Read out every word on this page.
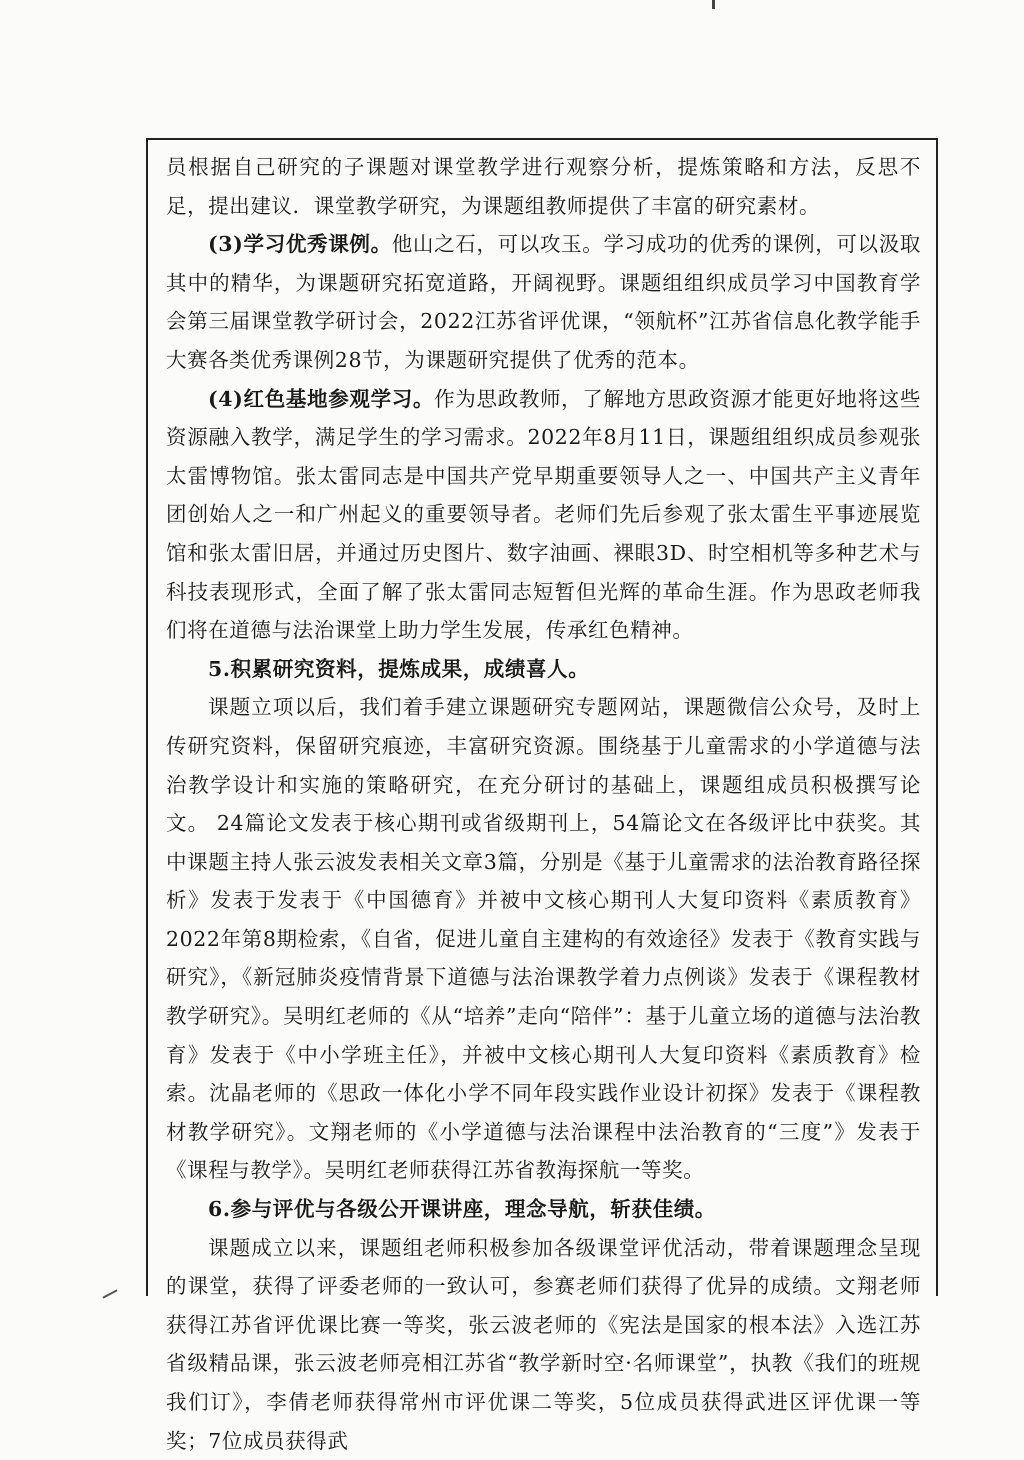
员根据自己研究的子课题对课堂教学进行观察分析，提炼策略和方法，反思不足，提出建议．课堂教学研究，为课题组教师提供了丰富的研究素材。

(3)学习优秀课例。他山之石，可以攻玉。学习成功的优秀的课例，可以汲取其中的精华，为课题研究拓宽道路，开阔视野。课题组组织成员学习中国教育学会第三届课堂教学研讨会，2022江苏省评优课，“领航杯”江苏省信息化教学能手大赛各类优秀课例28节，为课题研究提供了优秀的范本。

(4)红色基地参观学习。作为思政教师，了解地方思政资源才能更好地将这些资源融入教学，满足学生的学习需求。2022年8月11日，课题组组织成员参观张太雷博物馆。张太雷同志是中国共产党早期重要领导人之一、中国共产主义青年团创始人之一和广州起义的重要领导者。老师们先后参观了张太雷生平事迹展览馆和张太雷旧居，并通过历史图片、数字油画、裸眼3D、时空相机等多种艺术与科技表现形式，全面了解了张太雷同志短暂但光辉的革命生涯。作为思政老师我们将在道德与法治课堂上助力学生发展，传承红色精神。

5.积累研究资料，提炼成果，成绩喜人。

课题立项以后，我们着手建立课题研究专题网站，课题微信公众号，及时上传研究资料，保留研究痕迹，丰富研究资源。围绕基于儿童需求的小学道德与法治教学设计和实施的策略研究，在充分研讨的基础上，课题组成员积极撰写论文。 24篇论文发表于核心期刊或省级期刊上，54篇论文在各级评比中获奖。其中课题主持人张云波发表相关文章3篇，分别是《基于儿童需求的法治教育路径探析》发表于发表于《中国德育》并被中文核心期刊人大复印资料《素质教育》2022年第8期检索，《自省，促进儿童自主建构的有效途径》发表于《教育实践与研究》，《新冠肺炎疫情背景下道德与法治课教学着力点例谈》发表于《课程教材教学研究》。吴明红老师的《从“培养”走向“陪伴”：基于儿童立场的道德与法治教育》发表于《中小学班主任》，并被中文核心期刊人大复印资料《素质教育》检索。沈晶老师的《思政一体化小学不同年段实践作业设计初探》发表于《课程教材教学研究》。文翔老师的《小学道德与法治课程中法治教育的“三度”》发表于《课程与教学》。吴明红老师获得江苏省教海探航一等奖。

6.参与评优与各级公开课讲座，理念导航，斩获佳绩。

课题成立以来，课题组老师积极参加各级课堂评优活动，带着课题理念呈现的课堂，获得了评委老师的一致认可，参赛老师们获得了优异的成绩。文翔老师获得江苏省评优课比赛一等奖，张云波老师的《宪法是国家的根本法》入选江苏省级精品课，张云波老师亮相江苏省“教学新时空·名师课堂”，执教《我们的班规我们订》，李倩老师获得常州市评优课二等奖，5位成员获得武进区评优课一等奖；7位成员获得武
